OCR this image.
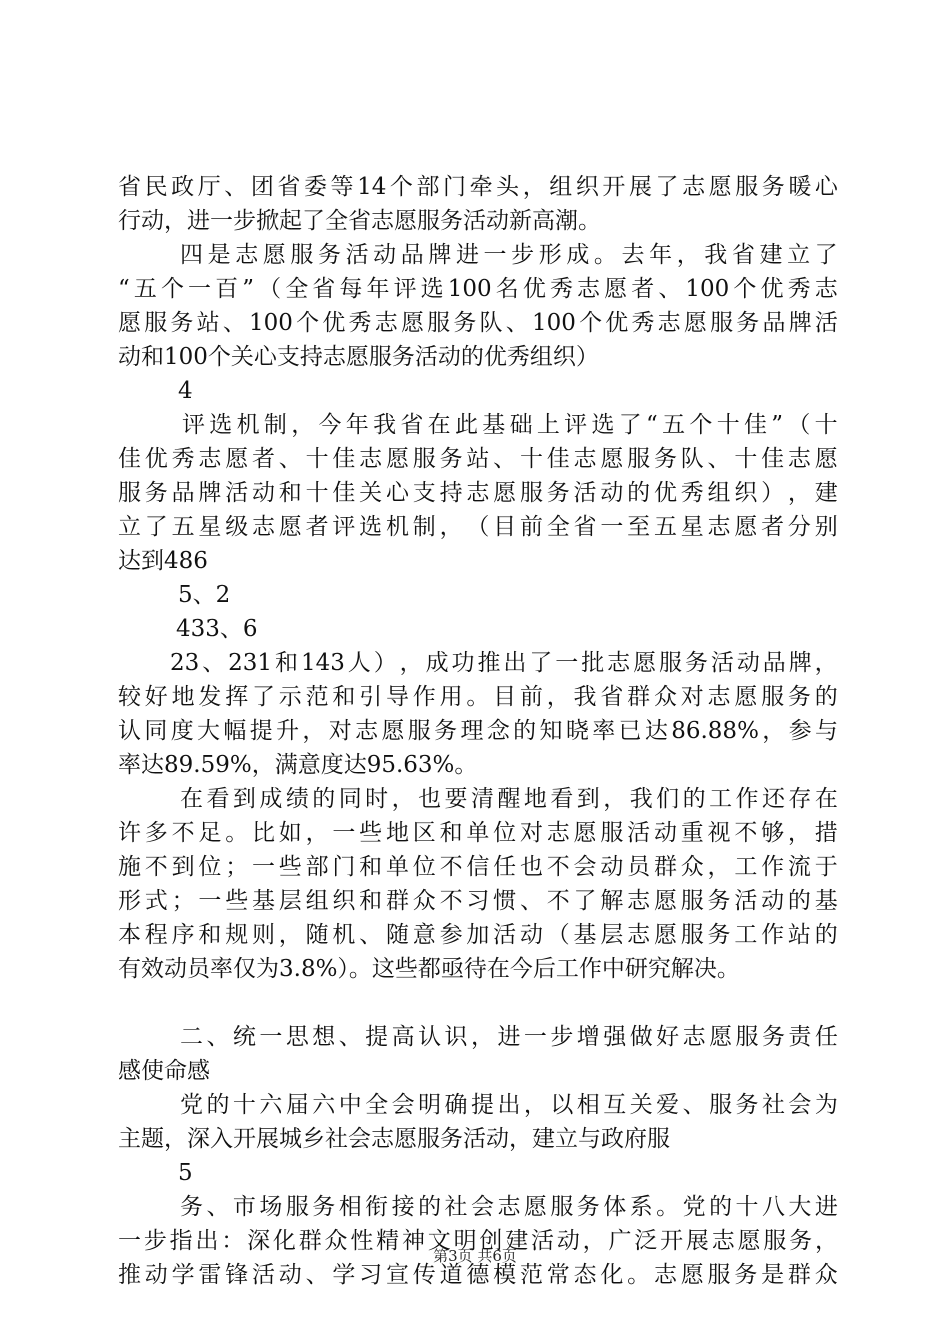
省 民 政 厅 、 团 省 委 等 14 个 部 门 牵 头 ， 组 织 开 展 了 志 愿 服 务 暖 心
行动，进一步掀起了全省志愿服务活动新高潮。
四 是 志 愿 服 务 活 动 品 牌 进 一 步 形 成 。 去 年 ， 我 省 建 立 了
“ 五 个 一 百 ” （ 全 省 每 年 评 选 100 名 优 秀 志 愿 者 、 100 个 优 秀 志
愿 服 务 站 、 100 个 优 秀 志 愿 服 务 队 、 100 个 优 秀 志 愿 服 务 品 牌 活
动和100个关心支持志愿服务活动的优秀组织）
4
评 选 机 制 ， 今 年 我 省 在 此 基 础 上 评 选 了 “ 五 个 十 佳 ” （ 十
佳 优 秀 志 愿 者 、 十 佳 志 愿 服 务 站 、 十 佳 志 愿 服 务 队 、 十 佳 志 愿
服 务 品 牌 活 动 和 十 佳 关 心 支 持 志 愿 服 务 活 动 的 优 秀 组 织 ） ， 建
立 了 五 星 级 志 愿 者 评 选 机 制 ， （ 目 前 全 省 一 至 五 星 志 愿 者 分 别
达到486
5、2
433、6
23 、 231 和 143 人 ） ， 成 功 推 出 了 一 批 志 愿 服 务 活 动 品 牌 ，
较 好 地 发 挥 了 示 范 和 引 导 作 用 。 目 前 ， 我 省 群 众 对 志 愿 服 务 的
认 同 度 大 幅 提 升 ， 对 志 愿 服 务 理 念 的 知 晓 率 已 达 86.88% ， 参 与
率达89.59%，满意度达95.63%。
在 看 到 成 绩 的 同 时 ， 也 要 清 醒 地 看 到 ， 我 们 的 工 作 还 存 在
许 多 不 足 。 比 如 ， 一 些 地 区 和 单 位 对 志 愿 服 活 动 重 视 不 够 ， 措
施 不 到 位 ； 一 些 部 门 和 单 位 不 信 任 也 不 会 动 员 群 众 ， 工 作 流 于
形 式 ； 一 些 基 层 组 织 和 群 众 不 习 惯 、 不 了 解 志 愿 服 务 活 动 的 基
本 程 序 和 规 则 ， 随 机 、 随 意 参 加 活 动 （ 基 层 志 愿 服 务 工 作 站 的
有效动员率仅为3.8%）。这些都亟待在今后工作中研究解决。
二 、 统 一 思 想 、 提 高 认 识 ， 进 一 步 增 强 做 好 志 愿 服 务 责 任
感使命感
党 的 十 六 届 六 中 全 会 明 确 提 出 ， 以 相 互 关 爱 、 服 务 社 会 为
主题，深入开展城乡社会志愿服务活动，建立与政府服
5
务 、 市 场 服 务 相 衔 接 的 社 会 志 愿 服 务 体 系 。 党 的 十 八 大 进
一 步 指 出 ： 深 化 群 众 性 精 神 文 明 创 建 活 动 ， 广 泛 开 展 志 愿 服 务 ，
推 动 学 雷 锋 活 动 、 学 习 宣 传 道 德 模 范 常 态 化 。 志 愿 服 务 是 群 众
第3页 共6页
